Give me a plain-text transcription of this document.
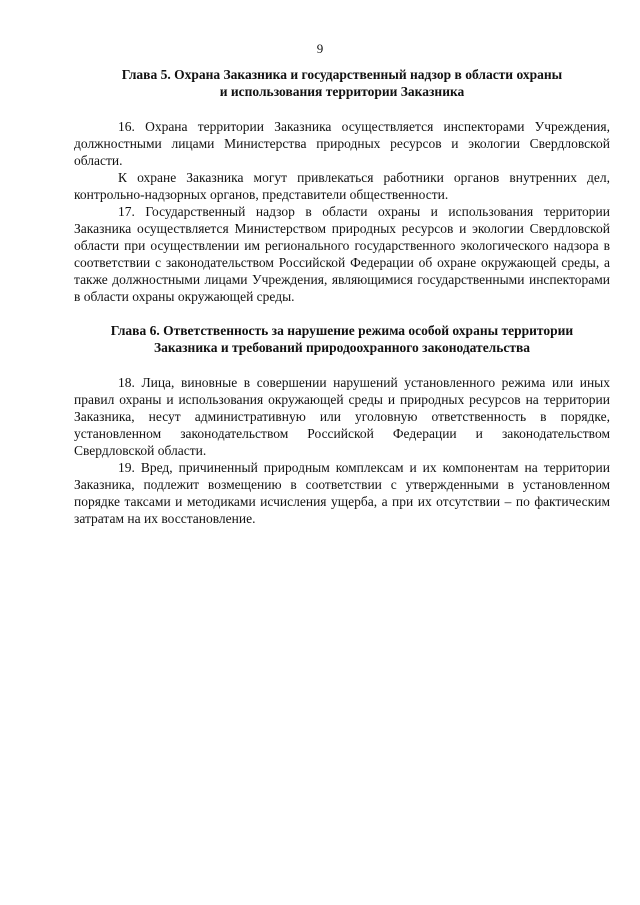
9
Глава 5. Охрана Заказника и государственный надзор в области охраны
и использования территории Заказника

16. Охрана территории Заказника осуществляется инспекторами Учреждения, должностными лицами Министерства природных ресурсов и экологии Свердловской области.

К охране Заказника могут привлекаться работники органов внутренних дел, контрольно-надзорных органов, представители общественности.

17. Государственный надзор в области охраны и использования территории Заказника осуществляется Министерством природных ресурсов и экологии Свердловской области при осуществлении им регионального государственного экологического надзора в соответствии с законодательством Российской Федерации об охране окружающей среды, а также должностными лицами Учреждения, являющимися государственными инспекторами в области охраны окружающей среды.

Глава 6. Ответственность за нарушение режима особой охраны территории
Заказника и требований природоохранного законодательства

18. Лица, виновные в совершении нарушений установленного режима или иных правил охраны и использования окружающей среды и природных ресурсов на территории Заказника, несут административную или уголовную ответственность в порядке, установленном законодательством Российской Федерации и законодательством Свердловской области.

19. Вред, причиненный природным комплексам и их компонентам на территории Заказника, подлежит возмещению в соответствии с утвержденными в установленном порядке таксами и методиками исчисления ущерба, а при их отсутствии – по фактическим затратам на их восстановление.
